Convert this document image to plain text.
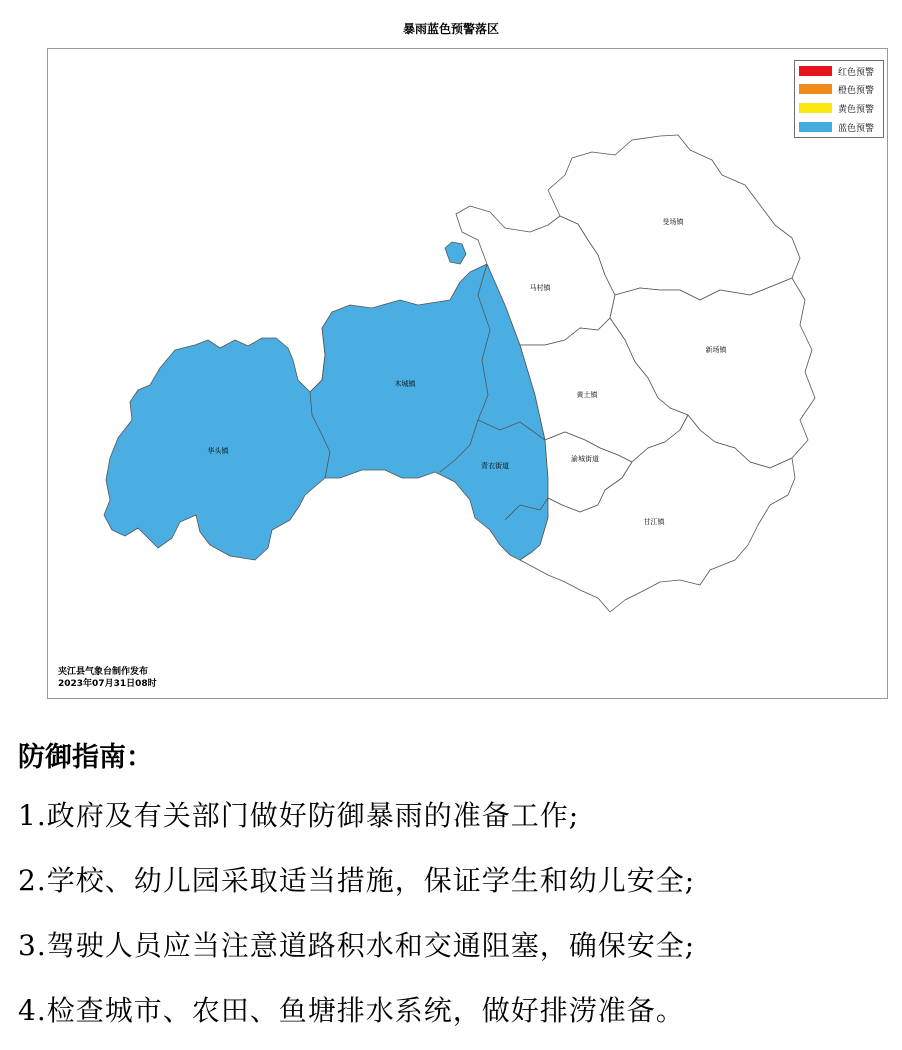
暴雨蓝色预警落区
红色预警
橙色预警
黄色预警
蓝色预警
华头镇
木城镇
青衣街道
马村镇
黄土镇
旻场镇
新场镇
渝城街道
甘江镇
夹江县气象台制作发布
2023年07月31日08时
防御指南：
1.政府及有关部门做好防御暴雨的准备工作;
2.学校、幼儿园采取适当措施，保证学生和幼儿安全;
3.驾驶人员应当注意道路积水和交通阻塞，确保安全;
4.检查城市、农田、鱼塘排水系统，做好排涝准备。
